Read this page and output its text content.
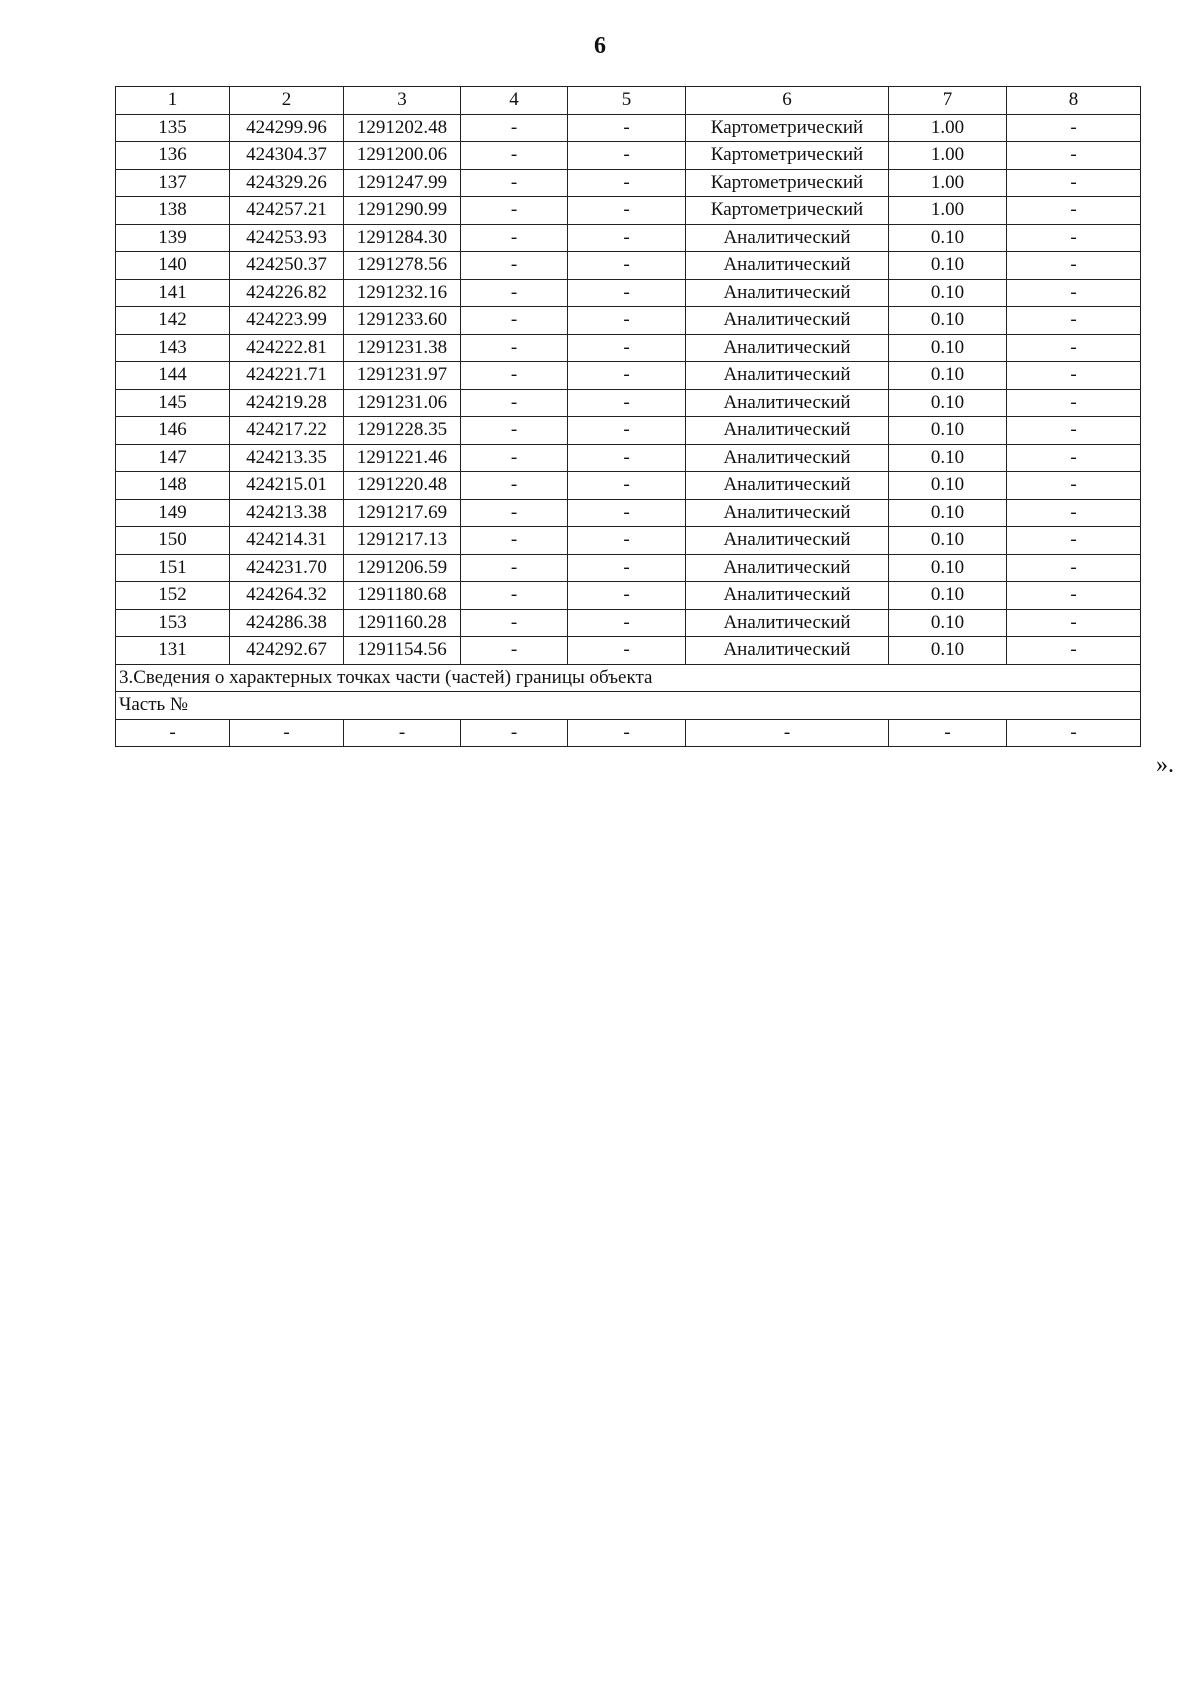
6
1	2	3	4	5	6	7	8
135	424299.96	1291202.48	-	-	Картометрический	1.00	-
136	424304.37	1291200.06	-	-	Картометрический	1.00	-
137	424329.26	1291247.99	-	-	Картометрический	1.00	-
138	424257.21	1291290.99	-	-	Картометрический	1.00	-
139	424253.93	1291284.30	-	-	Аналитический	0.10	-
140	424250.37	1291278.56	-	-	Аналитический	0.10	-
141	424226.82	1291232.16	-	-	Аналитический	0.10	-
142	424223.99	1291233.60	-	-	Аналитический	0.10	-
143	424222.81	1291231.38	-	-	Аналитический	0.10	-
144	424221.71	1291231.97	-	-	Аналитический	0.10	-
145	424219.28	1291231.06	-	-	Аналитический	0.10	-
146	424217.22	1291228.35	-	-	Аналитический	0.10	-
147	424213.35	1291221.46	-	-	Аналитический	0.10	-
148	424215.01	1291220.48	-	-	Аналитический	0.10	-
149	424213.38	1291217.69	-	-	Аналитический	0.10	-
150	424214.31	1291217.13	-	-	Аналитический	0.10	-
151	424231.70	1291206.59	-	-	Аналитический	0.10	-
152	424264.32	1291180.68	-	-	Аналитический	0.10	-
153	424286.38	1291160.28	-	-	Аналитический	0.10	-
131	424292.67	1291154.56	-	-	Аналитический	0.10	-
3.Сведения о характерных точках части (частей) границы объекта							
Часть №							
-	-	-	-	-	-	-	-
».
